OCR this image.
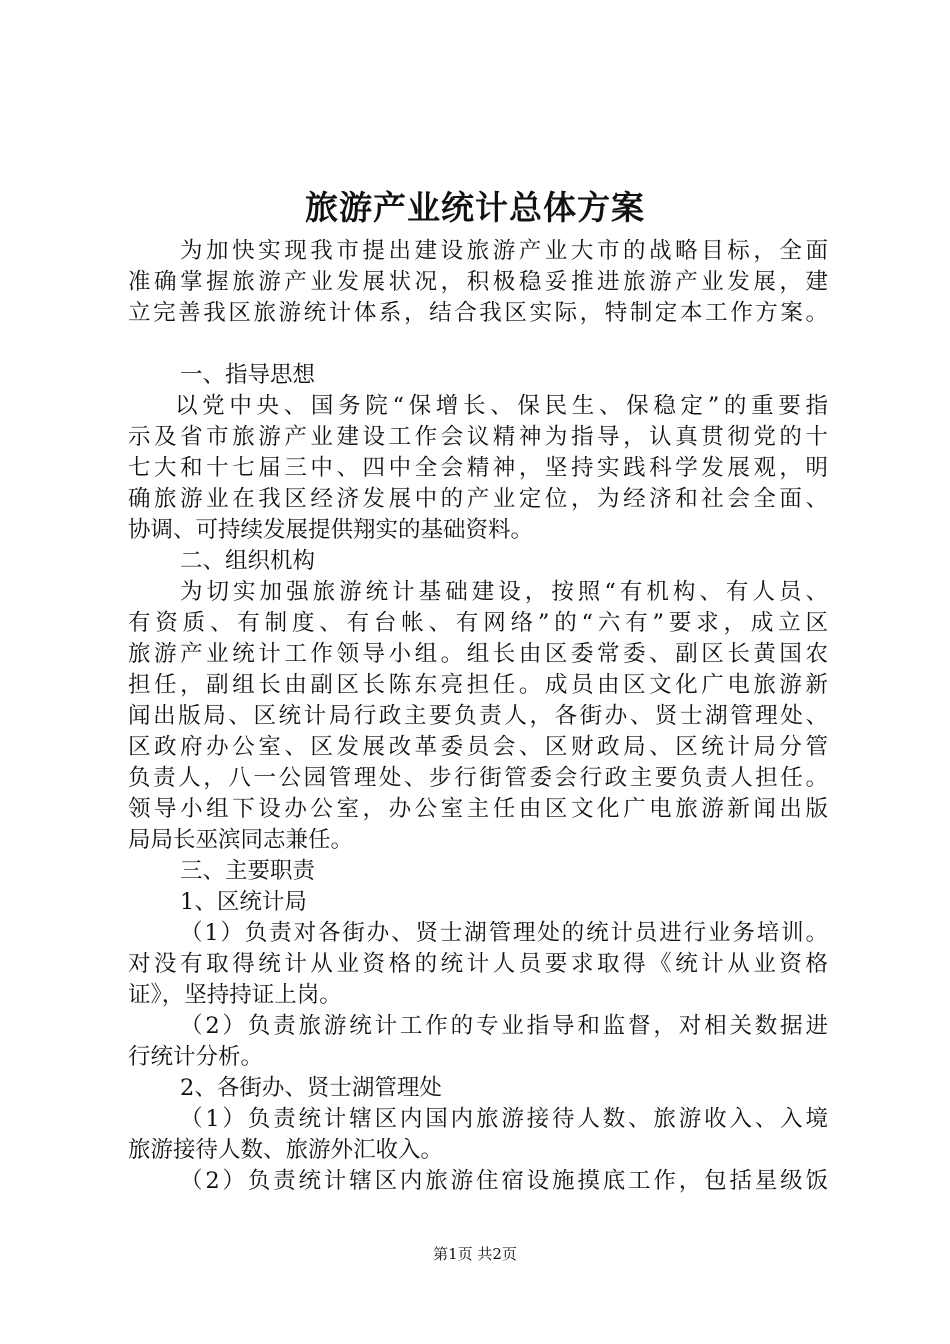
旅游产业统计总体方案
为加快实现我市提出建设旅游产业大市的战略目标，全面
准确掌握旅游产业发展状况，积极稳妥推进旅游产业发展，建
立完善我区旅游统计体系，结合我区实际，特制定本工作方案。
一、指导思想
以党中央、国务院“保增长、保民生、保稳定”的重要指
示及省市旅游产业建设工作会议精神为指导，认真贯彻党的十
七大和十七届三中、四中全会精神，坚持实践科学发展观，明
确旅游业在我区经济发展中的产业定位，为经济和社会全面、
协调、可持续发展提供翔实的基础资料。
二、组织机构
为切实加强旅游统计基础建设，按照“有机构、有人员、
有资质、有制度、有台帐、有网络”的“六有”要求，成立区
旅游产业统计工作领导小组。组长由区委常委、副区长黄国农
担任，副组长由副区长陈东亮担任。成员由区文化广电旅游新
闻出版局、区统计局行政主要负责人，各街办、贤士湖管理处、
区政府办公室、区发展改革委员会、区财政局、区统计局分管
负责人，八一公园管理处、步行街管委会行政主要负责人担任。
领导小组下设办公室，办公室主任由区文化广电旅游新闻出版
局局长巫滨同志兼任。
三、主要职责
1、区统计局
（1）负责对各街办、贤士湖管理处的统计员进行业务培训。
对没有取得统计从业资格的统计人员要求取得《统计从业资格
证》，坚持持证上岗。
（2）负责旅游统计工作的专业指导和监督，对相关数据进
行统计分析。
2、各街办、贤士湖管理处
（1）负责统计辖区内国内旅游接待人数、旅游收入、入境
旅游接待人数、旅游外汇收入。
（2）负责统计辖区内旅游住宿设施摸底工作，包括星级饭
第1页 共2页
